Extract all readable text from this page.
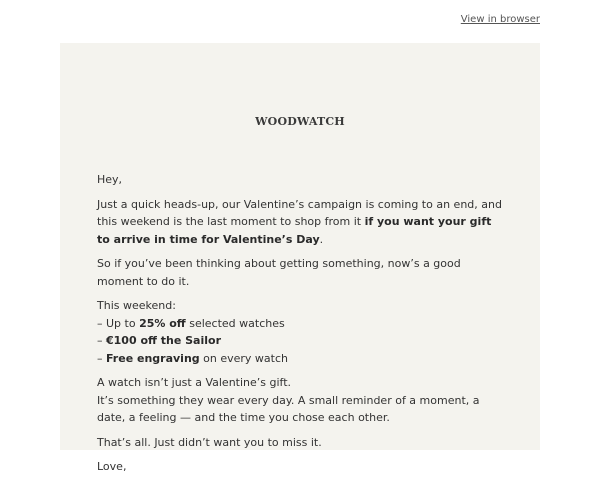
View in browser
WOODWATCH

Hey,

Just a quick heads-up, our Valentine’s campaign is coming to an end, and this weekend is the last moment to shop from it if you want your gift to arrive in time for Valentine’s Day.

So if you’ve been thinking about getting something, now’s a good moment to do it.

This weekend:
– Up to 25% off selected watches
– €100 off the Sailor
– Free engraving on every watch

A watch isn’t just a Valentine’s gift.
It’s something they wear every day. A small reminder of a moment, a date, a feeling — and the time you chose each other.

That’s all. Just didn’t want you to miss it.

Love,
